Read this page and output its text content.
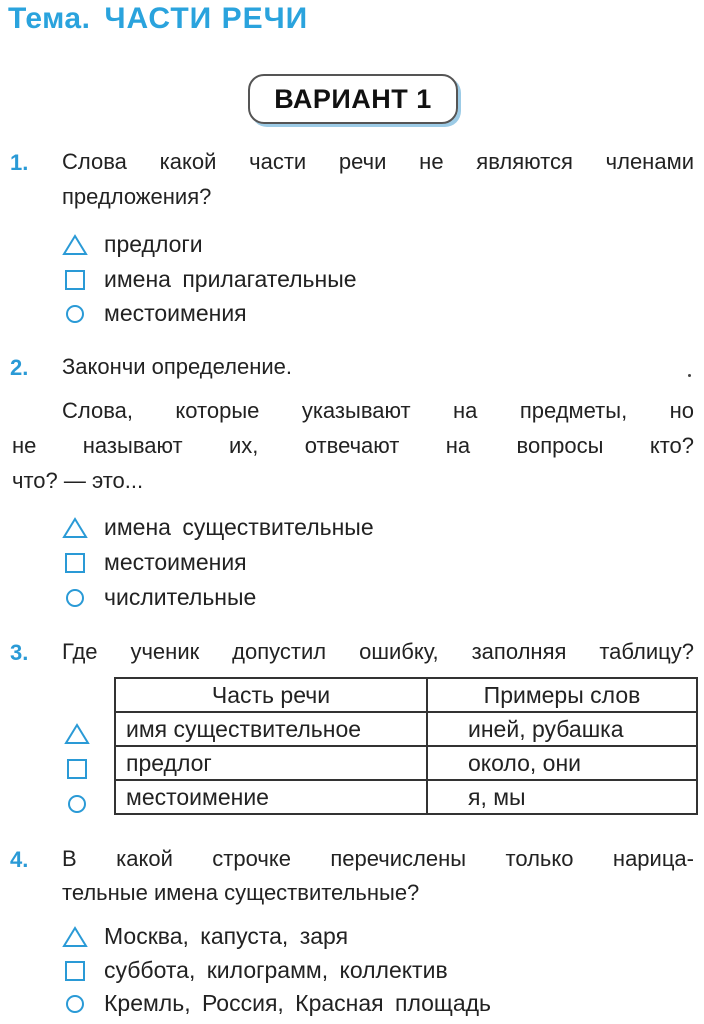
Тема. ЧАСТИ РЕЧИ
ВАРИАНТ 1
1. Слова какой части речи не являются членами
предложения?
предлоги
имена прилагательные
местоимения
2. Закончи определение.
Слова, которые указывают на предметы, но
не называют их, отвечают на вопросы кто?
что? — это...
имена существительные
местоимения
числительные
3. Где ученик допустил ошибку, заполняя таблицу?
Часть речи	Примеры слов
имя существительное	иней, рубашка
предлог	около, они
местоимение	я, мы
4. В какой строчке перечислены только нарица-
тельные имена существительные?
Москва, капуста, заря
суббота, килограмм, коллектив
Кремль, Россия, Красная площадь
